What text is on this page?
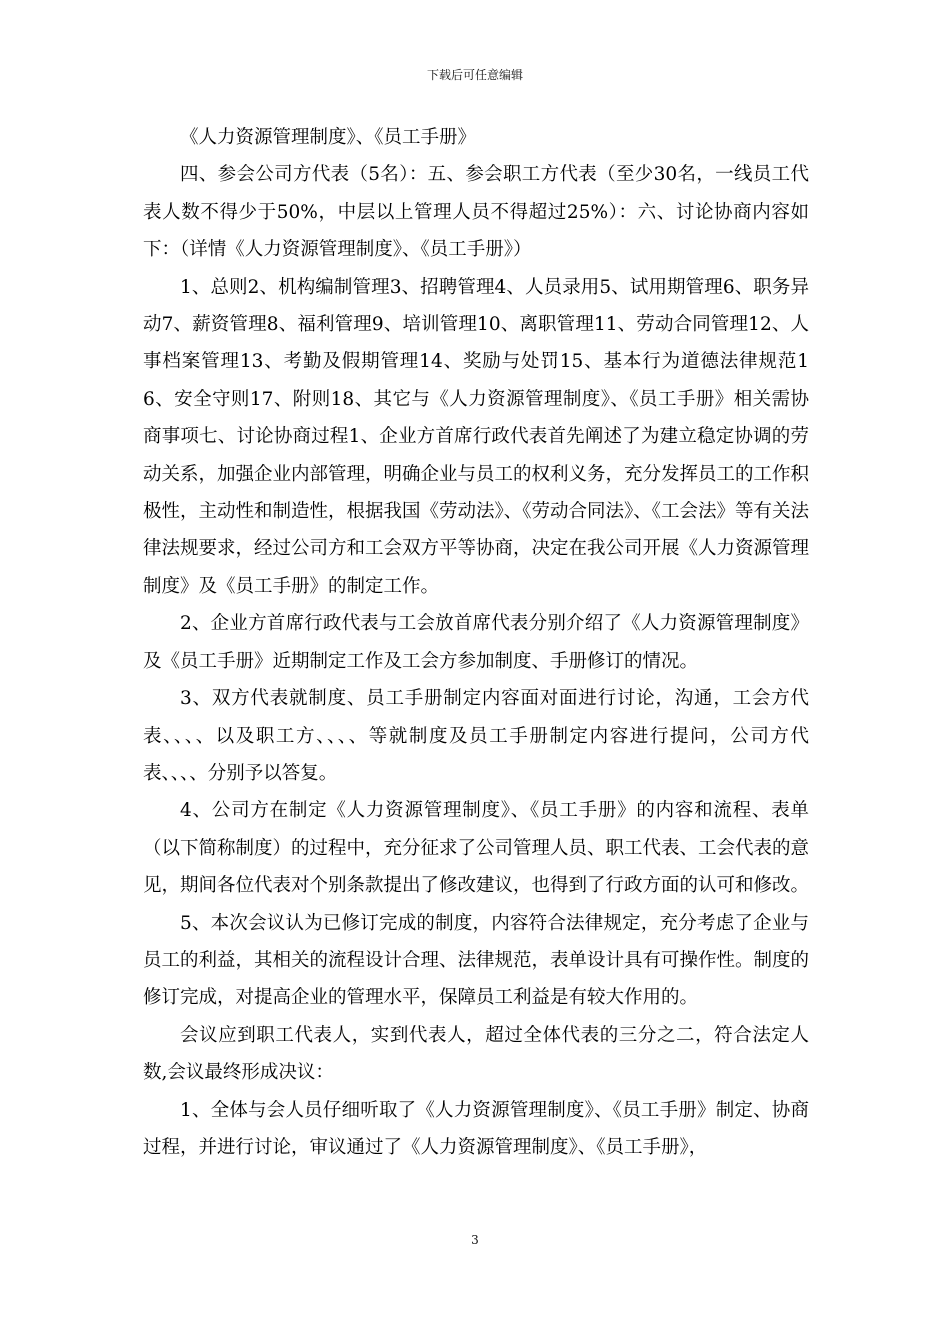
下载后可任意编辑

《人力资源管理制度》、《员工手册》

四、参会公司方代表（5名）：五、参会职工方代表（至少30名，一线员工代表人数不得少于50%，中层以上管理人员不得超过25%）：六、讨论协商内容如下：（详情《人力资源管理制度》、《员工手册》）

1、总则2、机构编制管理3、招聘管理4、人员录用5、试用期管理6、职务异动7、薪资管理8、福利管理9、培训管理10、离职管理11、劳动合同管理12、人事档案管理13、考勤及假期管理14、奖励与处罚15、基本行为道德法律规范16、安全守则17、附则18、其它与《人力资源管理制度》、《员工手册》相关需协商事项七、讨论协商过程1、企业方首席行政代表首先阐述了为建立稳定协调的劳动关系，加强企业内部管理，明确企业与员工的权利义务，充分发挥员工的工作积极性，主动性和制造性，根据我国《劳动法》、《劳动合同法》、《工会法》等有关法律法规要求，经过公司方和工会双方平等协商，决定在我公司开展《人力资源管理制度》及《员工手册》的制定工作。

2、企业方首席行政代表与工会放首席代表分别介绍了《人力资源管理制度》及《员工手册》近期制定工作及工会方参加制度、手册修订的情况。

3、双方代表就制度、员工手册制定内容面对面进行讨论，沟通，工会方代表、、、、以及职工方、、、、等就制度及员工手册制定内容进行提问，公司方代表、、、、分别予以答复。

4、公司方在制定《人力资源管理制度》、《员工手册》的内容和流程、表单（以下简称制度）的过程中，充分征求了公司管理人员、职工代表、工会代表的意见，期间各位代表对个别条款提出了修改建议，也得到了行政方面的认可和修改。

5、本次会议认为已修订完成的制度，内容符合法律规定，充分考虑了企业与员工的利益，其相关的流程设计合理、法律规范，表单设计具有可操作性。制度的修订完成，对提高企业的管理水平，保障员工利益是有较大作用的。

会议应到职工代表人，实到代表人，超过全体代表的三分之二，符合法定人数,会议最终形成决议：

1、全体与会人员仔细听取了《人力资源管理制度》、《员工手册》制定、协商过程，并进行讨论，审议通过了《人力资源管理制度》、《员工手册》，

3
